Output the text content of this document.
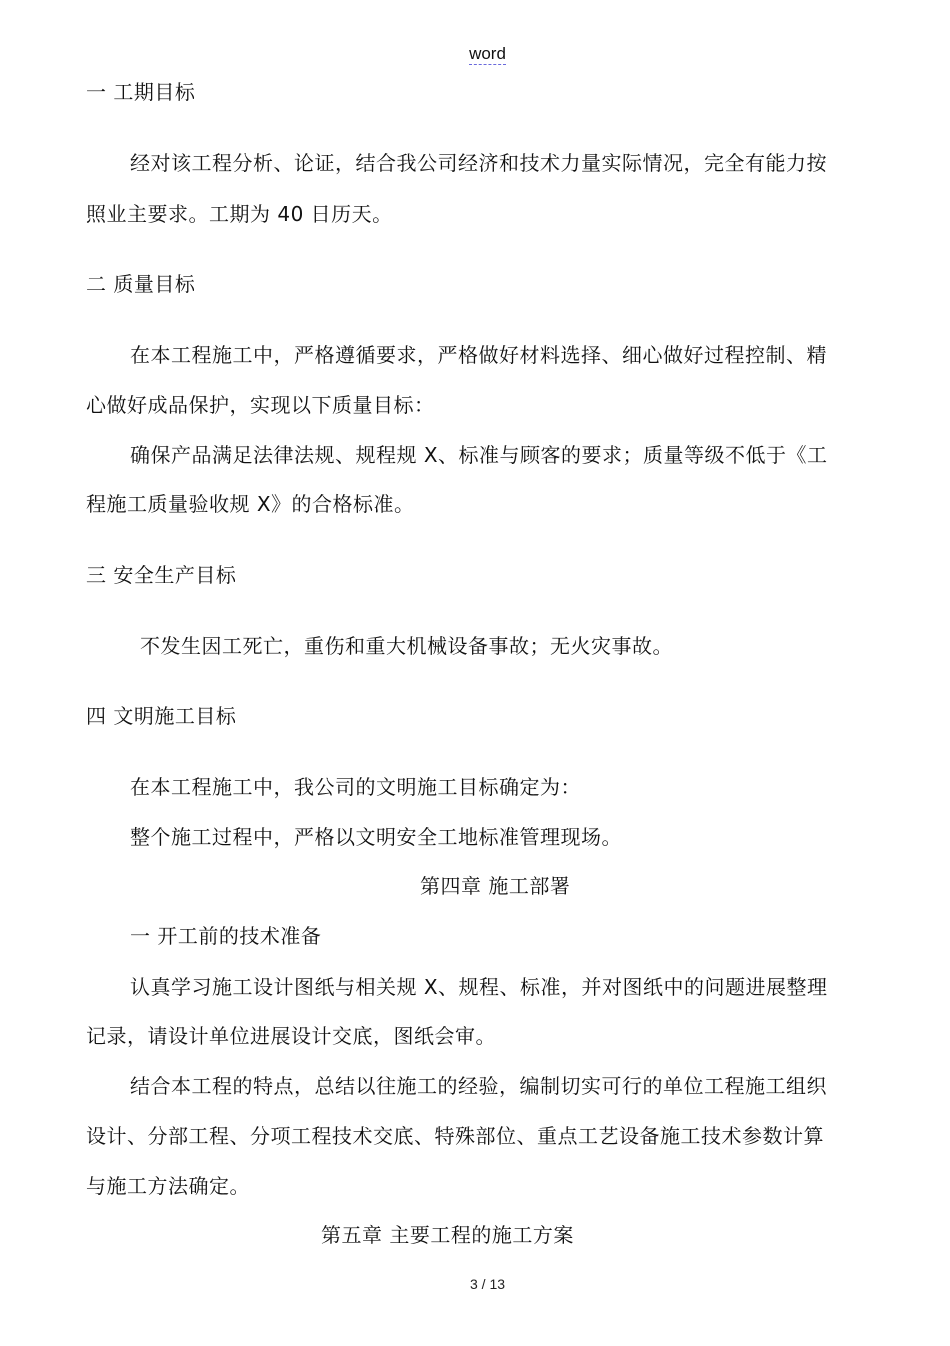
word
一 工期目标
经对该工程分析、论证，结合我公司经济和技术力量实际情况，完全有能力按
照业主要求。工期为 40 日历天。
二 质量目标
在本工程施工中，严格遵循要求，严格做好材料选择、细心做好过程控制、精
心做好成品保护，实现以下质量目标：
确保产品满足法律法规、规程规 X、标准与顾客的要求；质量等级不低于《工
程施工质量验收规 X》的合格标准。
三 安全生产目标
不发生因工死亡，重伤和重大机械设备事故；无火灾事故。
四 文明施工目标
在本工程施工中，我公司的文明施工目标确定为：
整个施工过程中，严格以文明安全工地标准管理现场。
第四章 施工部署
一 开工前的技术准备
认真学习施工设计图纸与相关规 X、规程、标准，并对图纸中的问题进展整理
记录，请设计单位进展设计交底，图纸会审。
结合本工程的特点，总结以往施工的经验，编制切实可行的单位工程施工组织
设计、分部工程、分项工程技术交底、特殊部位、重点工艺设备施工技术参数计算
与施工方法确定。
第五章 主要工程的施工方案
3 / 13
